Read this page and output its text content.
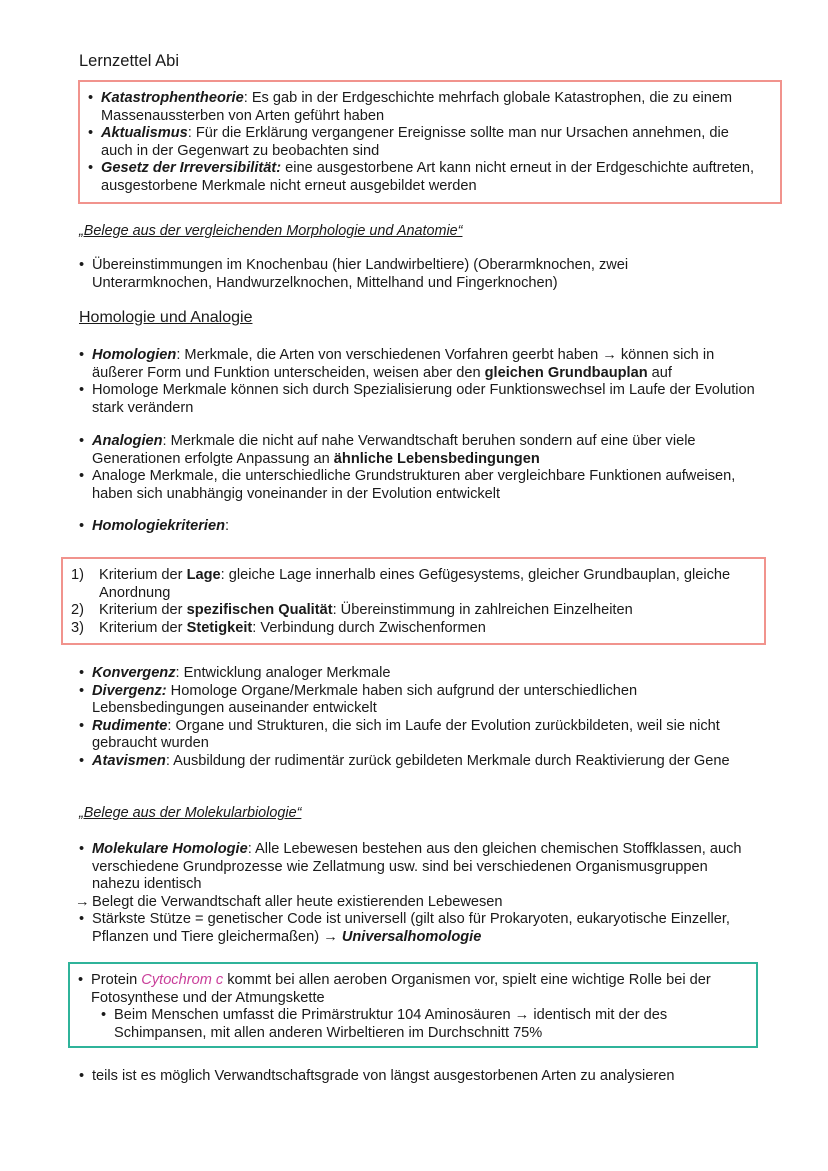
Lernzettel Abi
• Katastrophentheorie: Es gab in der Erdgeschichte mehrfach globale Katastrophen, die zu einem Massenaussterben von Arten geführt haben
• Aktualismus: Für die Erklärung vergangener Ereignisse sollte man nur Ursachen annehmen, die auch in der Gegenwart zu beobachten sind
• Gesetz der Irreversibilität: eine ausgestorbene Art kann nicht erneut in der Erdgeschichte auftreten, ausgestorbene Merkmale nicht erneut ausgebildet werden
„Belege aus der vergleichenden Morphologie und Anatomie“
• Übereinstimmungen im Knochenbau (hier Landwirbeltiere) (Oberarmknochen, zwei Unterarmknochen, Handwurzelknochen, Mittelhand und Fingerknochen)
Homologie und Analogie
• Homologien: Merkmale, die Arten von verschiedenen Vorfahren geerbt haben → können sich in äußerer Form und Funktion unterscheiden, weisen aber den gleichen Grundbauplan auf
• Homologe Merkmale können sich durch Spezialisierung oder Funktionswechsel im Laufe der Evolution stark verändern
• Analogien: Merkmale die nicht auf nahe Verwandtschaft beruhen sondern auf eine über viele Generationen erfolgte Anpassung an ähnliche Lebensbedingungen
• Analoge Merkmale, die unterschiedliche Grundstrukturen aber vergleichbare Funktionen aufweisen, haben sich unabhängig voneinander in der Evolution entwickelt
• Homologiekriterien:
1) Kriterium der Lage: gleiche Lage innerhalb eines Gefügesystems, gleicher Grundbauplan, gleiche Anordnung
2) Kriterium der spezifischen Qualität: Übereinstimmung in zahlreichen Einzelheiten
3) Kriterium der Stetigkeit: Verbindung durch Zwischenformen
• Konvergenz: Entwicklung analoger Merkmale
• Divergenz: Homologe Organe/Merkmale haben sich aufgrund der unterschiedlichen Lebensbedingungen auseinander entwickelt
• Rudimente: Organe und Strukturen, die sich im Laufe der Evolution zurückbildeten, weil sie nicht gebraucht wurden
• Atavismen: Ausbildung der rudimentär zurück gebildeten Merkmale durch Reaktivierung der Gene
„Belege aus der Molekularbiologie“
• Molekulare Homologie: Alle Lebewesen bestehen aus den gleichen chemischen Stoffklassen, auch verschiedene Grundprozesse wie Zellatmung usw. sind bei verschiedenen Organismusgruppen nahezu identisch
→ Belegt die Verwandtschaft aller heute existierenden Lebewesen
• Stärkste Stütze = genetischer Code ist universell (gilt also für Prokaryoten, eukaryotische Einzeller, Pflanzen und Tiere gleichermaßen) → Universalhomologie
• Protein Cytochrom c kommt bei allen aeroben Organismen vor, spielt eine wichtige Rolle bei der Fotosynthese und der Atmungskette
• Beim Menschen umfasst die Primärstruktur 104 Aminosäuren → identisch mit der des Schimpansen, mit allen anderen Wirbeltieren im Durchschnitt 75%
• teils ist es möglich Verwandtschaftsgrade von längst ausgestorbenen Arten zu analysieren
